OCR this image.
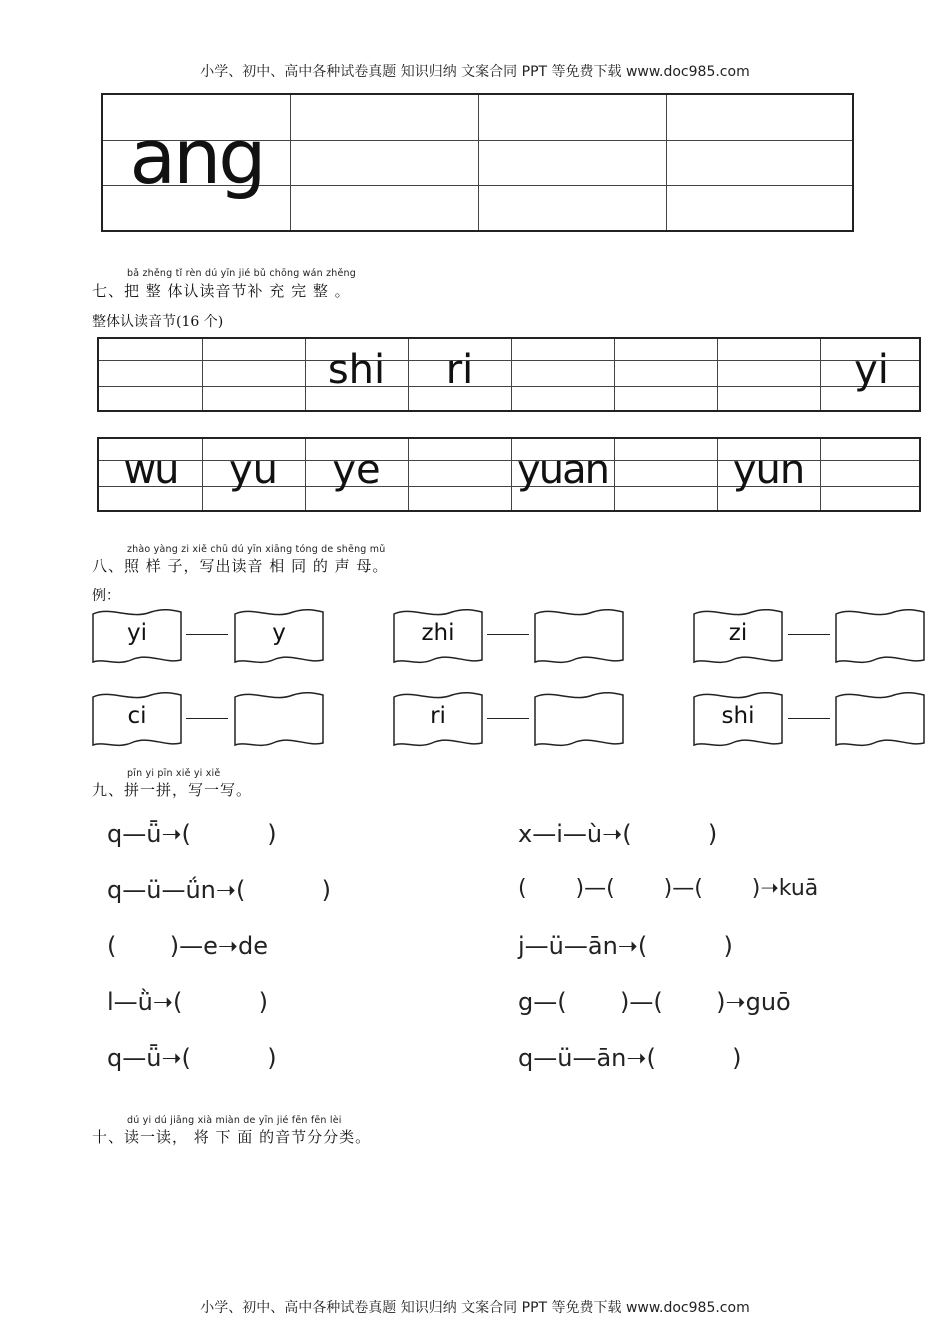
小学、初中、高中各种试卷真题 知识归纳 文案合同 PPT 等免费下载 www.doc985.com
ang
bǎ zhěng tǐ rèn dú yīn jié bǔ chōng wán zhěng
七、把 整 体认读音节补 充 完 整 。
整体认读音节(16 个)
shi	ri	yi
wu	yu	ye	yuan	yun
zhào yàng zi xiě chū dú yīn xiāng tóng de shēng mǔ
八、照 样 子，写出读音 相 同 的 声 母。
例：
yi	y	zhi	zi
ci	ri	shi
pīn yi pīn xiě yi xiě
九、拼一拼，写一写。
q—ǖ➝(          )
q—ü—ǘn➝(          )
(       )—e➝de
l—ǜ➝(          )
q—ǖ➝(          )
x—i—ù➝(          )
(       )—(       )—(       )➝kuā
j—ü—ān➝(          )
g—(       )—(       )➝guō
q—ü—ān➝(          )
dú yi dú jiāng xià miàn de yīn jié fēn fēn lèi
十、读一读， 将 下 面 的音节分分类。
小学、初中、高中各种试卷真题 知识归纳 文案合同 PPT 等免费下载 www.doc985.com
